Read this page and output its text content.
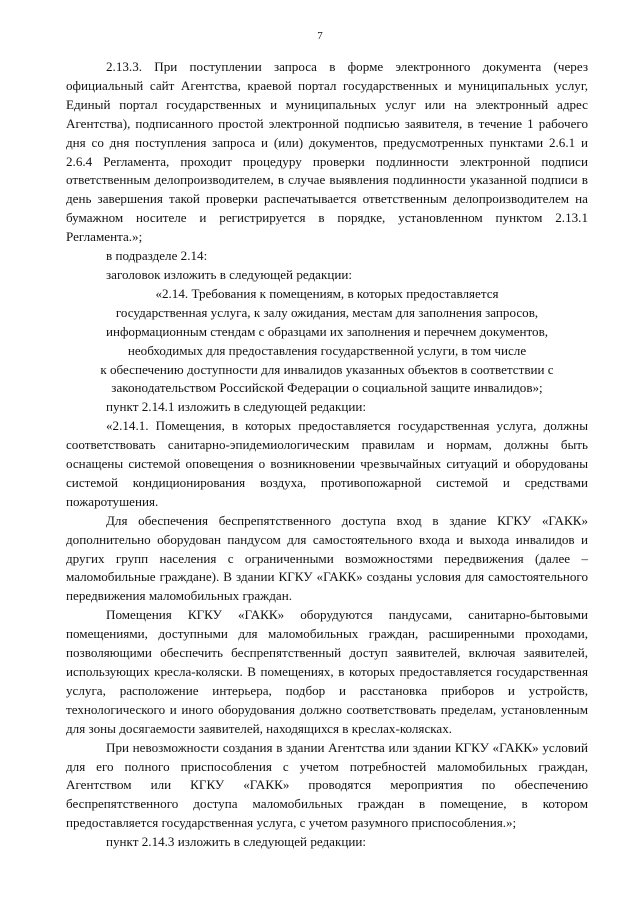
7

2.13.3. При поступлении запроса в форме электронного документа (через официальный сайт Агентства, краевой портал государственных и муниципальных услуг, Единый портал государственных и муниципальных услуг или на электронный адрес Агентства), подписанного простой электронной подписью заявителя, в течение 1 рабочего дня со дня поступления запроса и (или) документов, предусмотренных пунктами 2.6.1 и 2.6.4 Регламента, проходит процедуру проверки подлинности электронной подписи ответственным делопроизводителем, в случае выявления подлинности указанной подписи в день завершения такой проверки распечатывается ответственным делопроизводителем на бумажном носителе и регистрируется в порядке, установленном пунктом 2.13.1 Регламента.»;

в подразделе 2.14:

заголовок изложить в следующей редакции:

«2.14. Требования к помещениям, в которых предоставляется

государственная услуга, к залу ожидания, местам для заполнения запросов,

информационным стендам с образцами их заполнения и перечнем документов,

необходимых для предоставления государственной услуги, в том числе

к обеспечению доступности для инвалидов указанных объектов в соответствии с

законодательством Российской Федерации о социальной защите инвалидов»;

пункт 2.14.1 изложить в следующей редакции:

«2.14.1. Помещения, в которых предоставляется государственная услуга, должны соответствовать санитарно-эпидемиологическим правилам и нормам, должны быть оснащены системой оповещения о возникновении чрезвычайных ситуаций и оборудованы системой кондиционирования воздуха, противопожарной системой и средствами пожаротушения.

Для обеспечения беспрепятственного доступа вход в здание КГКУ «ГАКК» дополнительно оборудован пандусом для самостоятельного входа и выхода инвалидов и других групп населения с ограниченными возможностями передвижения (далее – маломобильные граждане). В здании КГКУ «ГАКК» созданы условия для самостоятельного передвижения маломобильных граждан.

Помещения КГКУ «ГАКК» оборудуются пандусами, санитарно-бытовыми помещениями, доступными для маломобильных граждан, расширенными проходами, позволяющими обеспечить беспрепятственный доступ заявителей, включая заявителей, использующих кресла-коляски. В помещениях, в которых предоставляется государственная услуга, расположение интерьера, подбор и расстановка приборов и устройств, технологического и иного оборудования должно соответствовать пределам, установленным для зоны досягаемости заявителей, находящихся в креслах-колясках.

При невозможности создания в здании Агентства или здании КГКУ «ГАКК» условий для его полного приспособления с учетом потребностей маломобильных граждан, Агентством или КГКУ «ГАКК» проводятся мероприятия по обеспечению беспрепятственного доступа маломобильных граждан в помещение, в котором предоставляется государственная услуга, с учетом разумного приспособления.»;

пункт 2.14.3 изложить в следующей редакции:
